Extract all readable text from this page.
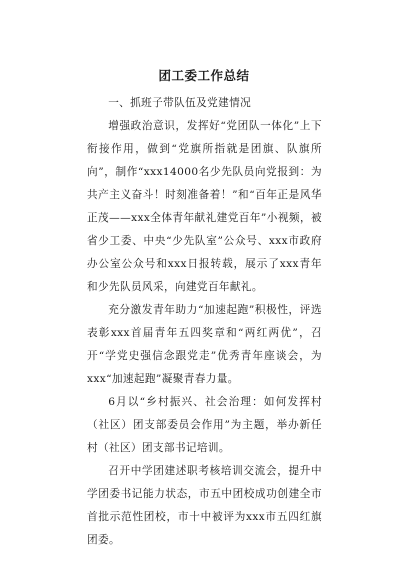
团工委工作总结

一、抓班子带队伍及党建情况

增强政治意识，发挥好“党团队一体化”上下衔接作用，做到“党旗所指就是团旗、队旗所向”，制作“xxx14000名少先队员向党报到：为共产主义奋斗！时刻准备着！”和“百年正是风华正茂——xxx全体青年献礼建党百年”小视频，被省少工委、中央“少先队室”公众号、xxx市政府办公室公众号和xxx日报转载，展示了xxx青年和少先队员风采，向建党百年献礼。

充分激发青年助力“加速起跑”积极性，评选表彰xxx首届青年五四奖章和“两红两优”，召开“学党史强信念跟党走”优秀青年座谈会，为xxx“加速起跑”凝聚青春力量。

6月以“乡村振兴、社会治理：如何发挥村（社区）团支部委员会作用”为主题，举办新任村（社区）团支部书记培训。

召开中学团建述职考核培训交流会，提升中学团委书记能力状态，市五中团校成功创建全市首批示范性团校，市十中被评为xxx市五四红旗团委。
